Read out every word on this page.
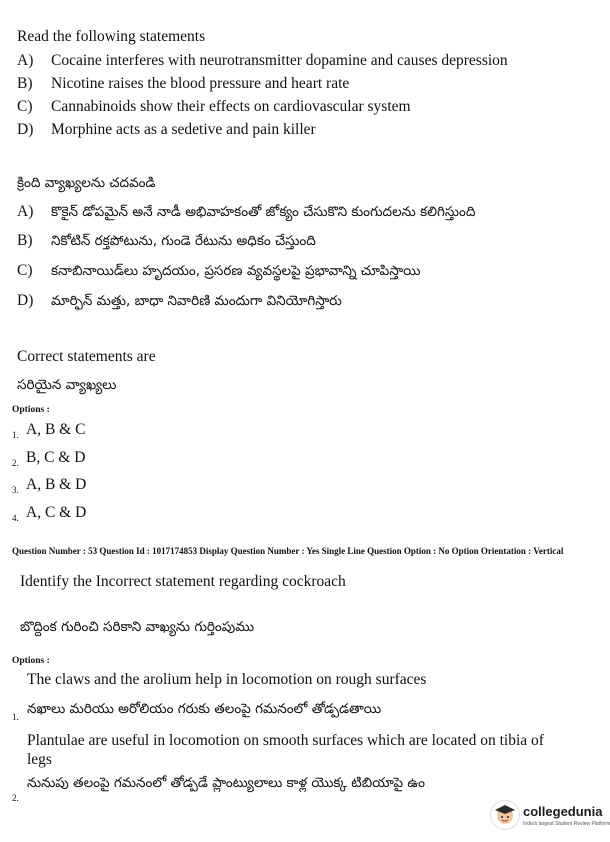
Read the following statements
A) Cocaine interferes with neurotransmitter dopamine and causes depression
B) Nicotine raises the blood pressure and heart rate
C) Cannabinoids show their effects on cardiovascular system
D) Morphine acts as a sedetive and pain killer
క్రింది వ్యాఖ్యలను చదవండి
A) కొకైన్ డోపమైన్ అనే నాడీ అభివాహకంతో జోక్యం చేసుకొని కుంగుదలను కలిగిస్తుంది
B) నికోటిన్ రక్తపోటును, గుండె రేటును అధికం చేస్తుంది
C) కనాబినాయిడ్‌లు హృదయం, ప్రసరణ వ్యవస్థలపై ప్రభావాన్ని చూపిస్తాయి
D) మార్ఫిన్ మత్తు, బాధా నివారిణి మందుగా వినియోగిస్తారు
Correct statements are
సరియైన వ్యాఖ్యలు
Options :
1. A, B & C
2. B, C & D
3. A, B & D
4. A, C & D
Question Number : 53 Question Id : 1017174853 Display Question Number : Yes Single Line Question Option : No Option Orientation : Vertical
Identify the Incorrect statement regarding cockroach
బొద్దింక గురించి సరికాని వాఖ్యను గుర్తింపుము
Options :
The claws and the arolium help in locomotion on rough surfaces
1. నఖాలు మరియు అరోలియం గరుకు తలంపై గమనంలో తోడ్పడతాయి
Plantulae are useful in locomotion on smooth surfaces which are located on tibia of legs
2.
నునుపు తలంపై గమనంలో తోడ్పడే ప్లాంట్యులాలు కాళ్ల యొక్క టిబియాపై ఉం
collegedunia
India's largest Student Review Platform
